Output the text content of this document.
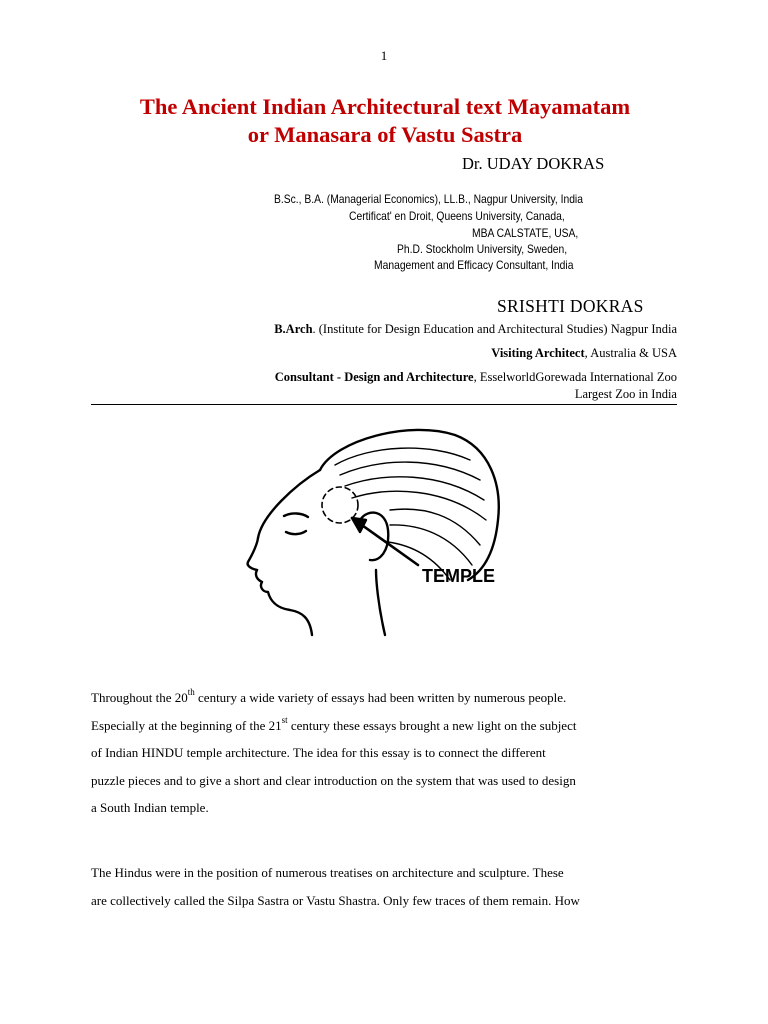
1
The Ancient Indian Architectural text Mayamatam
or Manasara of Vastu Sastra
Dr. UDAY DOKRAS
B.Sc., B.A. (Managerial Economics), LL.B., Nagpur University, India
Certificat' en Droit, Queens University, Canada,
MBA CALSTATE, USA,
Ph.D. Stockholm University, Sweden,
Management and Efficacy Consultant, India
SRISHTI DOKRAS
B.Arch. (Institute for Design Education and Architectural Studies) Nagpur India
Visiting Architect, Australia & USA
Consultant - Design and Architecture, EsselworldGorewada International Zoo
Largest Zoo in India
TEMPLE
Throughout the 20th century a wide variety of essays had been written by numerous people.
Especially at the beginning of the 21st century these essays brought a new light on the subject
of Indian HINDU temple architecture. The idea for this essay is to connect the different
puzzle pieces and to give a short and clear introduction on the system that was used to design
a South Indian temple.
The Hindus were in the position of numerous treatises on architecture and sculpture. These
are collectively called the Silpa Sastra or Vastu Shastra. Only few traces of them remain. How
